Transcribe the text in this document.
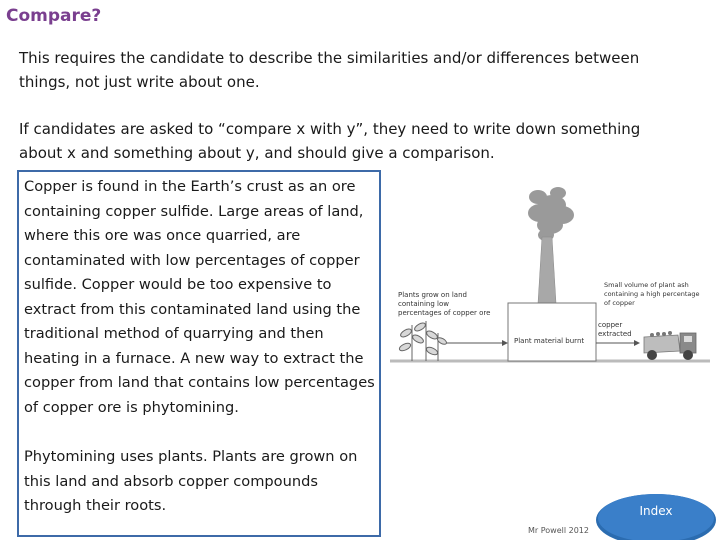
Compare?
This requires the candidate to describe the similarities and/or differences between things, not just write about one.
If candidates are asked to “compare x with y”, they need to write down something about x and something about y, and should give a comparison.

Copper is found in the Earth’s crust as an ore containing copper sulfide. Large areas of land, where this ore was once quarried, are contaminated with low percentages of copper sulfide. Copper would be too expensive to extract from this contaminated land using the traditional method of quarrying and then heating in a furnace. A new way to extract the copper from land that contains low percentages of copper ore is phytomining.

Phytomining uses plants. Plants are grown on this land and absorb copper compounds through their roots.

Plant material burnt
Plants grow on land
containing low
percentages of copper ore
Small volume of plant ash
containing a high percentage
of copper
copper
extracted
Mr Powell 2012
Index
